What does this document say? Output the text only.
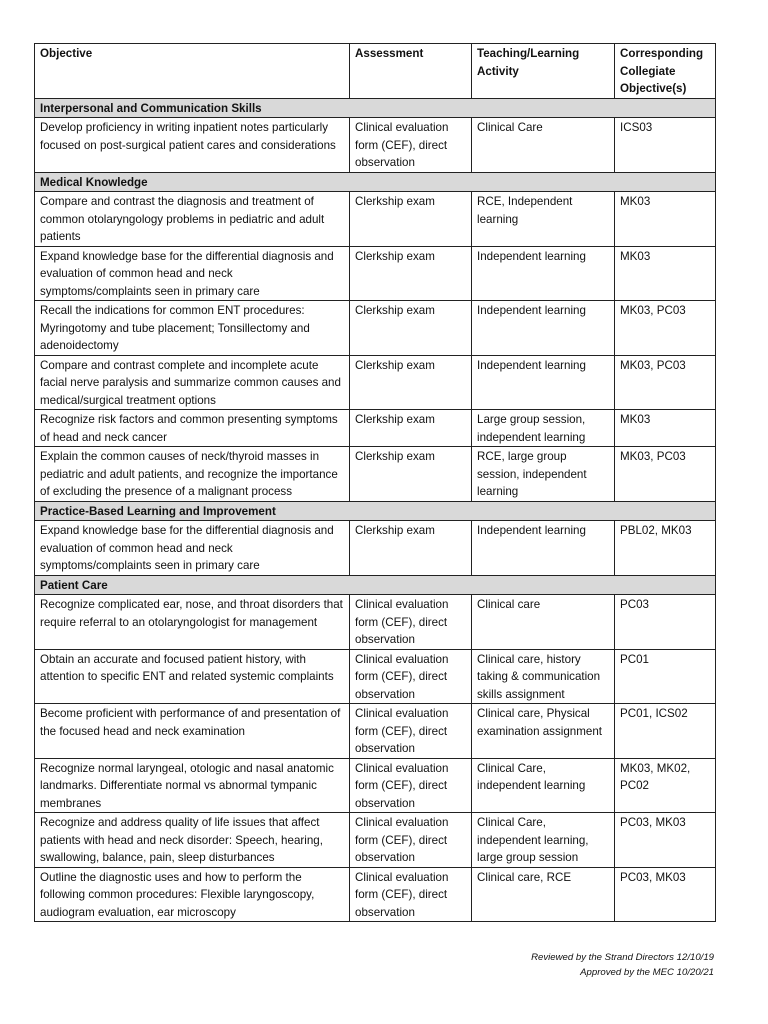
Objective	Assessment	Teaching/Learning Activity	Corresponding Collegiate Objective(s)
Interpersonal and Communication Skills			
Develop proficiency in writing inpatient notes particularly focused on post-surgical patient cares and considerations	Clinical evaluation form (CEF), direct observation	Clinical Care	ICS03
Medical Knowledge			
Compare and contrast the diagnosis and treatment of common otolaryngology problems in pediatric and adult patients	Clerkship exam	RCE, Independent learning	MK03
Expand knowledge base for the differential diagnosis and evaluation of common head and neck symptoms/complaints seen in primary care	Clerkship exam	Independent learning	MK03
Recall the indications for common ENT procedures: Myringotomy and tube placement; Tonsillectomy and adenoidectomy	Clerkship exam	Independent learning	MK03, PC03
Compare and contrast complete and incomplete acute facial nerve paralysis and summarize common causes and medical/surgical treatment options	Clerkship exam	Independent learning	MK03, PC03
Recognize risk factors and common presenting symptoms of head and neck cancer	Clerkship exam	Large group session, independent learning	MK03
Explain the common causes of neck/thyroid masses in pediatric and adult patients, and recognize the importance of excluding the presence of a malignant process	Clerkship exam	RCE, large group session, independent learning	MK03, PC03
Practice-Based Learning and Improvement			
Expand knowledge base for the differential diagnosis and evaluation of common head and neck symptoms/complaints seen in primary care	Clerkship exam	Independent learning	PBL02, MK03
Patient Care			
Recognize complicated ear, nose, and throat disorders that require referral to an otolaryngologist for management	Clinical evaluation form (CEF), direct observation	Clinical care	PC03
Obtain an accurate and focused patient history, with attention to specific ENT and related systemic complaints	Clinical evaluation form (CEF), direct observation	Clinical care, history taking & communication skills assignment	PC01
Become proficient with performance of and presentation of the focused head and neck examination	Clinical evaluation form (CEF), direct observation	Clinical care, Physical examination assignment	PC01, ICS02
Recognize normal laryngeal, otologic and nasal anatomic landmarks. Differentiate normal vs abnormal tympanic membranes	Clinical evaluation form (CEF), direct observation	Clinical Care, independent learning	MK03, MK02, PC02
Recognize and address quality of life issues that affect patients with head and neck disorder: Speech, hearing, swallowing, balance, pain, sleep disturbances	Clinical evaluation form (CEF), direct observation	Clinical Care, independent learning, large group session	PC03, MK03
Outline the diagnostic uses and how to perform the following common procedures: Flexible laryngoscopy, audiogram evaluation, ear microscopy	Clinical evaluation form (CEF), direct observation	Clinical care, RCE	PC03, MK03
Reviewed by the Strand Directors 12/10/19
Approved by the MEC 10/20/21
